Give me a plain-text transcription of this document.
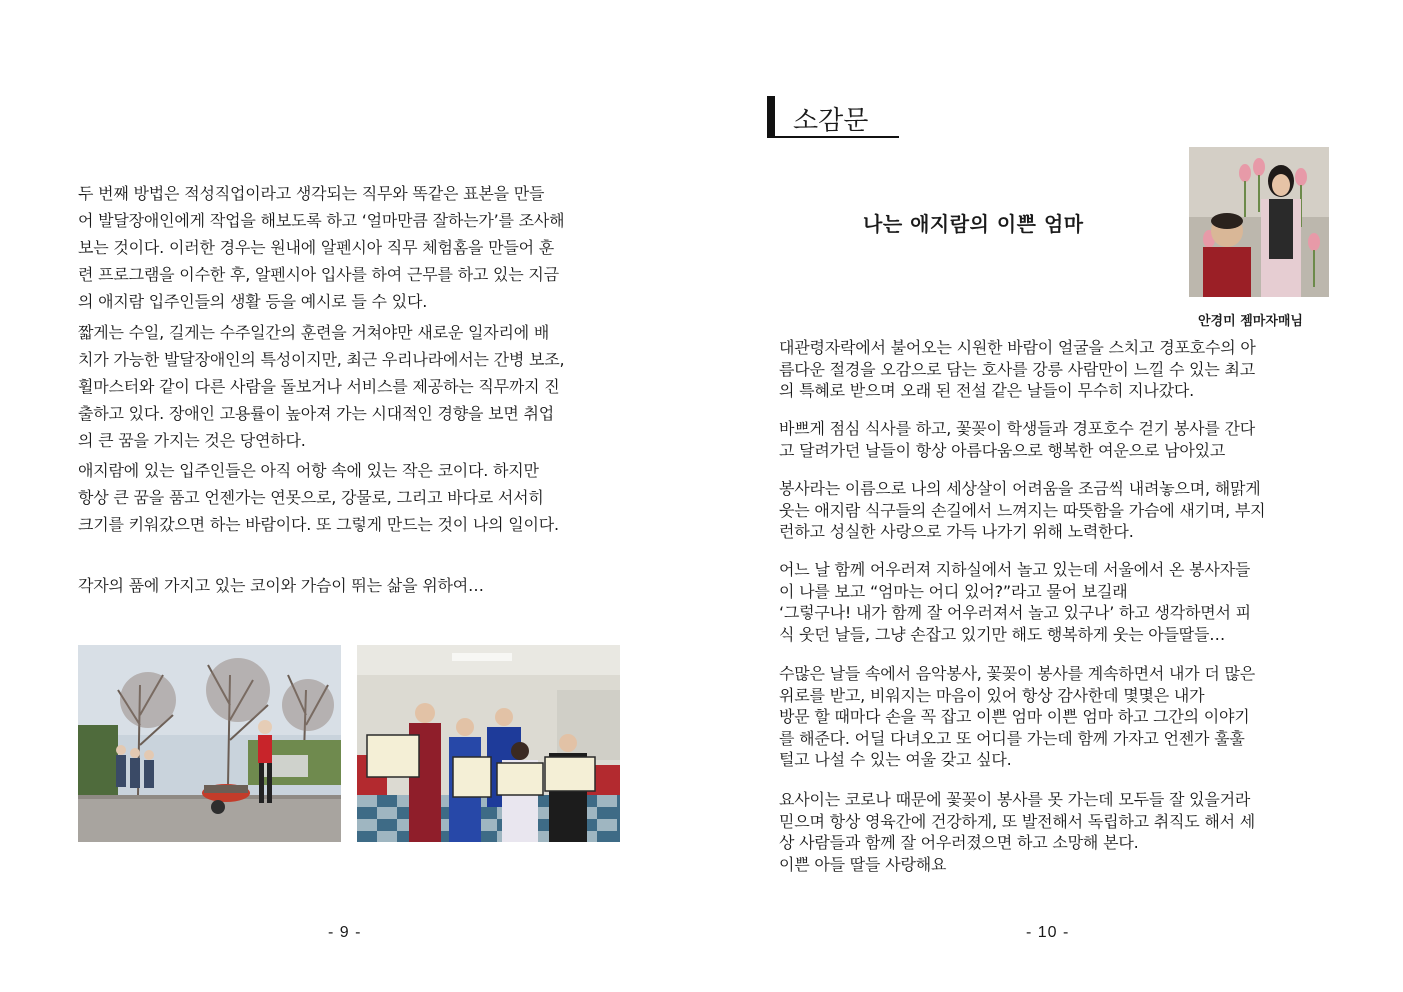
두 번째 방법은 적성직업이라고 생각되는 직무와 똑같은 표본을 만들
어 발달장애인에게 작업을 해보도록 하고 ‘얼마만큼 잘하는가’를 조사해
보는 것이다. 이러한 경우는 원내에 알펜시아 직무 체험홈을 만들어 훈
련 프로그램을 이수한 후, 알펜시아 입사를 하여 근무를 하고 있는 지금
의 애지람 입주인들의 생활 등을 예시로 들 수 있다.

짧게는 수일, 길게는 수주일간의 훈련을 거쳐야만 새로운 일자리에 배
치가 가능한 발달장애인의 특성이지만, 최근 우리나라에서는 간병 보조,
휠마스터와 같이 다른 사람을 돌보거나 서비스를 제공하는 직무까지 진
출하고 있다. 장애인 고용률이 높아져 가는 시대적인 경향을 보면 취업
의 큰 꿈을 가지는 것은 당연하다.

애지람에 있는 입주인들은 아직 어항 속에 있는 작은 코이다. 하지만
항상 큰 꿈을 품고 언젠가는 연못으로, 강물로, 그리고 바다로 서서히
크기를 키워갔으면 하는 바람이다. 또 그렇게 만드는 것이 나의 일이다.

각자의 품에 가지고 있는 코이와 가슴이 뛰는 삶을 위하여…

- 9 -
소감문
나는 애지람의 이쁜 엄마
안경미 젬마자매님

대관령자락에서 불어오는 시원한 바람이 얼굴을 스치고 경포호수의 아
름다운 절경을 오감으로 담는 호사를 강릉 사람만이 느낄 수 있는 최고
의 특혜로 받으며 오래 된 전설 같은 날들이 무수히 지나갔다.

바쁘게 점심 식사를 하고, 꽃꽂이 학생들과 경포호수 걷기 봉사를 간다
고 달려가던 날들이 항상 아름다움으로 행복한 여운으로 남아있고

봉사라는 이름으로 나의 세상살이 어려움을 조금씩 내려놓으며, 해맑게
웃는 애지람 식구들의 손길에서 느껴지는 따뜻함을 가슴에 새기며, 부지
런하고 성실한 사랑으로 가득 나가기 위해 노력한다.

어느 날 함께 어우러져 지하실에서 놀고 있는데 서울에서 온 봉사자들
이 나를 보고 “엄마는 어디 있어?”라고 물어 보길래
‘그렇구나! 내가 함께 잘 어우러져서 놀고 있구나’ 하고 생각하면서 피
식 웃던 날들, 그냥 손잡고 있기만 해도 행복하게 웃는 아들딸들…

수많은 날들 속에서 음악봉사, 꽃꽂이 봉사를 계속하면서 내가 더 많은
위로를 받고, 비워지는 마음이 있어 항상 감사한데 몇몇은 내가
방문 할 때마다 손을 꼭 잡고 이쁜 엄마 이쁜 엄마 하고 그간의 이야기
를 해준다. 어딜 다녀오고 또 어디를 가는데 함께 가자고 언젠가 훌훌
털고 나설 수 있는 여울 갖고 싶다.

요사이는 코로나 때문에 꽃꽂이 봉사를 못 가는데 모두들 잘 있을거라
믿으며 항상 영육간에 건강하게, 또 발전해서 독립하고 취직도 해서 세
상 사람들과 함께 잘 어우러졌으면 하고 소망해 본다.
이쁜 아들 딸들 사랑해요

- 10 -
